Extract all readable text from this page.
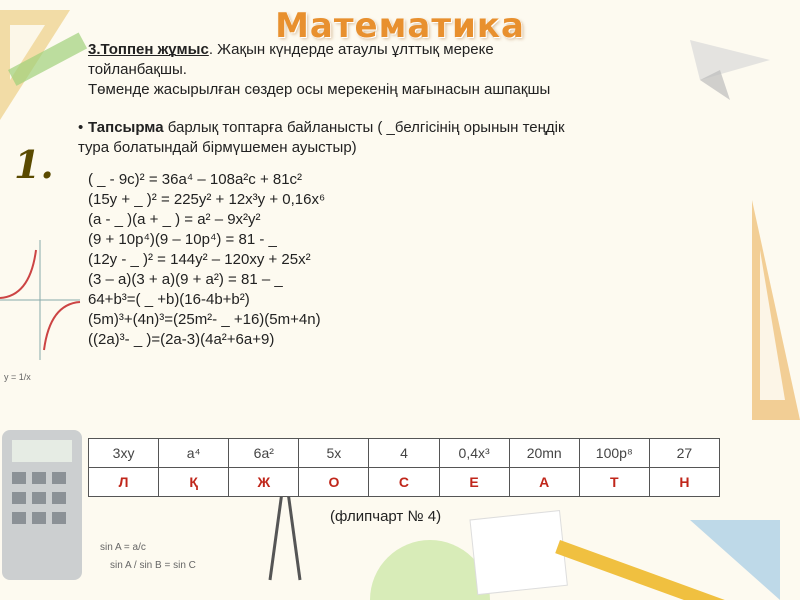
y = 1/x
sin A = a/c
sin A / sin B = sin C
Математика
1.

3.Топпен жұмыс. Жақын күндерде атаулы ұлттық мереке
тойланбақшы.
Төменде жасырылған сөздер осы мерекенің мағынасын ашпақшы

• Тапсырма барлық топтарға байланысты ( _белгісінің орынын теңдік
тура болатындай бірмүшемен ауыстыр)
( _ - 9c)² = 36a⁴ – 108a²c + 81c²
(15y + _ )² = 225y² + 12x³y + 0,16x⁶
(a - _ )(a + _ ) = a² – 9x²y²
(9 + 10p⁴)(9 – 10p⁴) = 81 - _
(12y - _ )² = 144y² – 120xy + 25x²
(3 – a)(3 + a)(9 + a²) = 81 – _
64+b³=( _ +b)(16-4b+b²)
(5m)³+(4n)³=(25m²- _ +16)(5m+4n)
((2a)³- _ )=(2a-3)(4a²+6a+9)
3xy	a⁴	6a²	5x	4	0,4x³	20mn	100p⁸	27
Л	Қ	Ж	О	С	Е	А	Т	Н
(флипчарт № 4)
